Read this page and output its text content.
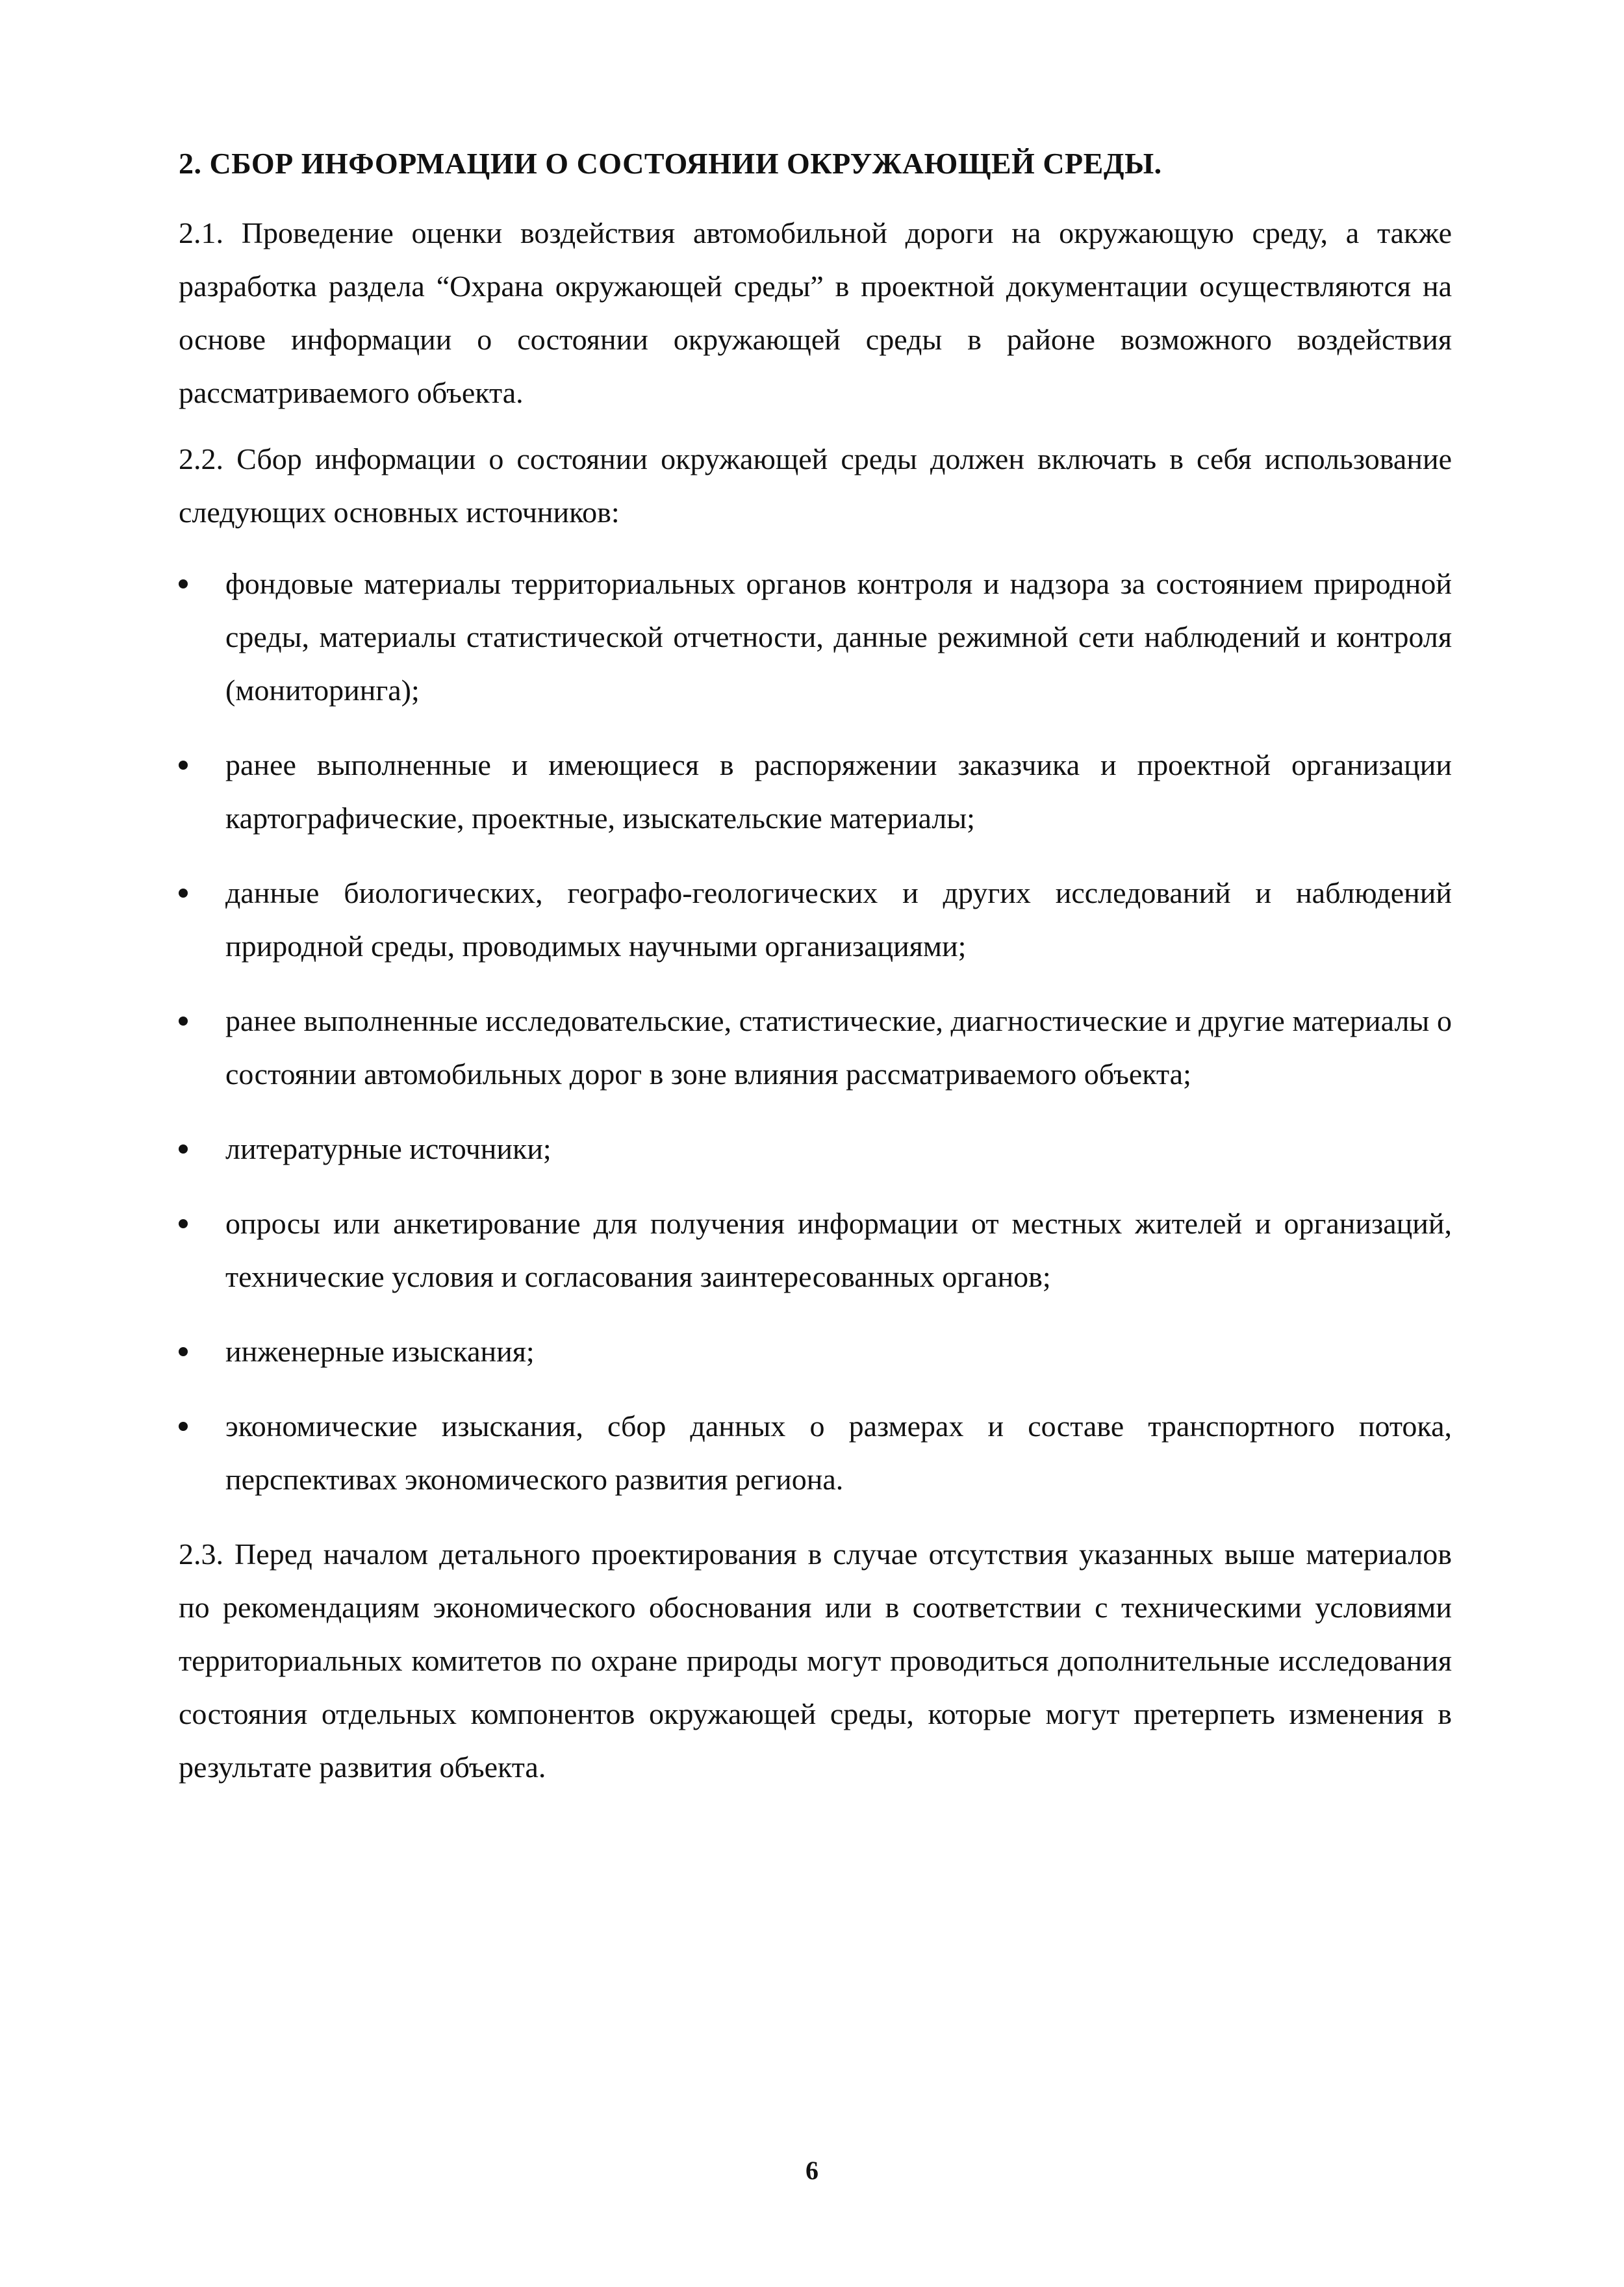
2. СБОР ИНФОРМАЦИИ О СОСТОЯНИИ ОКРУЖАЮЩЕЙ СРЕДЫ.

2.1. Проведение оценки воздействия автомобильной дороги на окружающую среду, а также разработка раздела “Охрана окружающей среды” в проектной документации осуществляются на основе информации о состоянии окружающей среды в районе возможного воздействия рассматриваемого объекта.

2.2. Сбор информации о состоянии окружающей среды должен включать в себя использование следующих основных источников:

фондовые материалы территориальных органов контроля и надзора за состоянием природной среды, материалы статистической отчетности, данные режимной сети наблюдений и контроля (мониторинга);
ранее выполненные и имеющиеся в распоряжении заказчика и проектной организации картографические, проектные, изыскательские материалы;
данные биологических, географо-геологических и других исследований и наблюдений природной среды, проводимых научными организациями;
ранее выполненные исследовательские, статистические, диагностические и другие материалы о состоянии автомобильных дорог в зоне влияния рассматриваемого объекта;
литературные источники;
опросы или анкетирование для получения информации от местных жителей и организаций, технические условия и согласования заинтересованных органов;
инженерные изыскания;
экономические изыскания, сбор данных о размерах и составе транспортного потока, перспективах экономического развития региона.

2.3. Перед началом детального проектирования в случае отсутствия указанных выше материалов по рекомендациям экономического обоснования или в соответствии с техническими условиями территориальных комитетов по охране природы могут проводиться дополнительные исследования состояния отдельных компонентов окружающей среды, которые могут претерпеть изменения в результате развития объекта.

6
